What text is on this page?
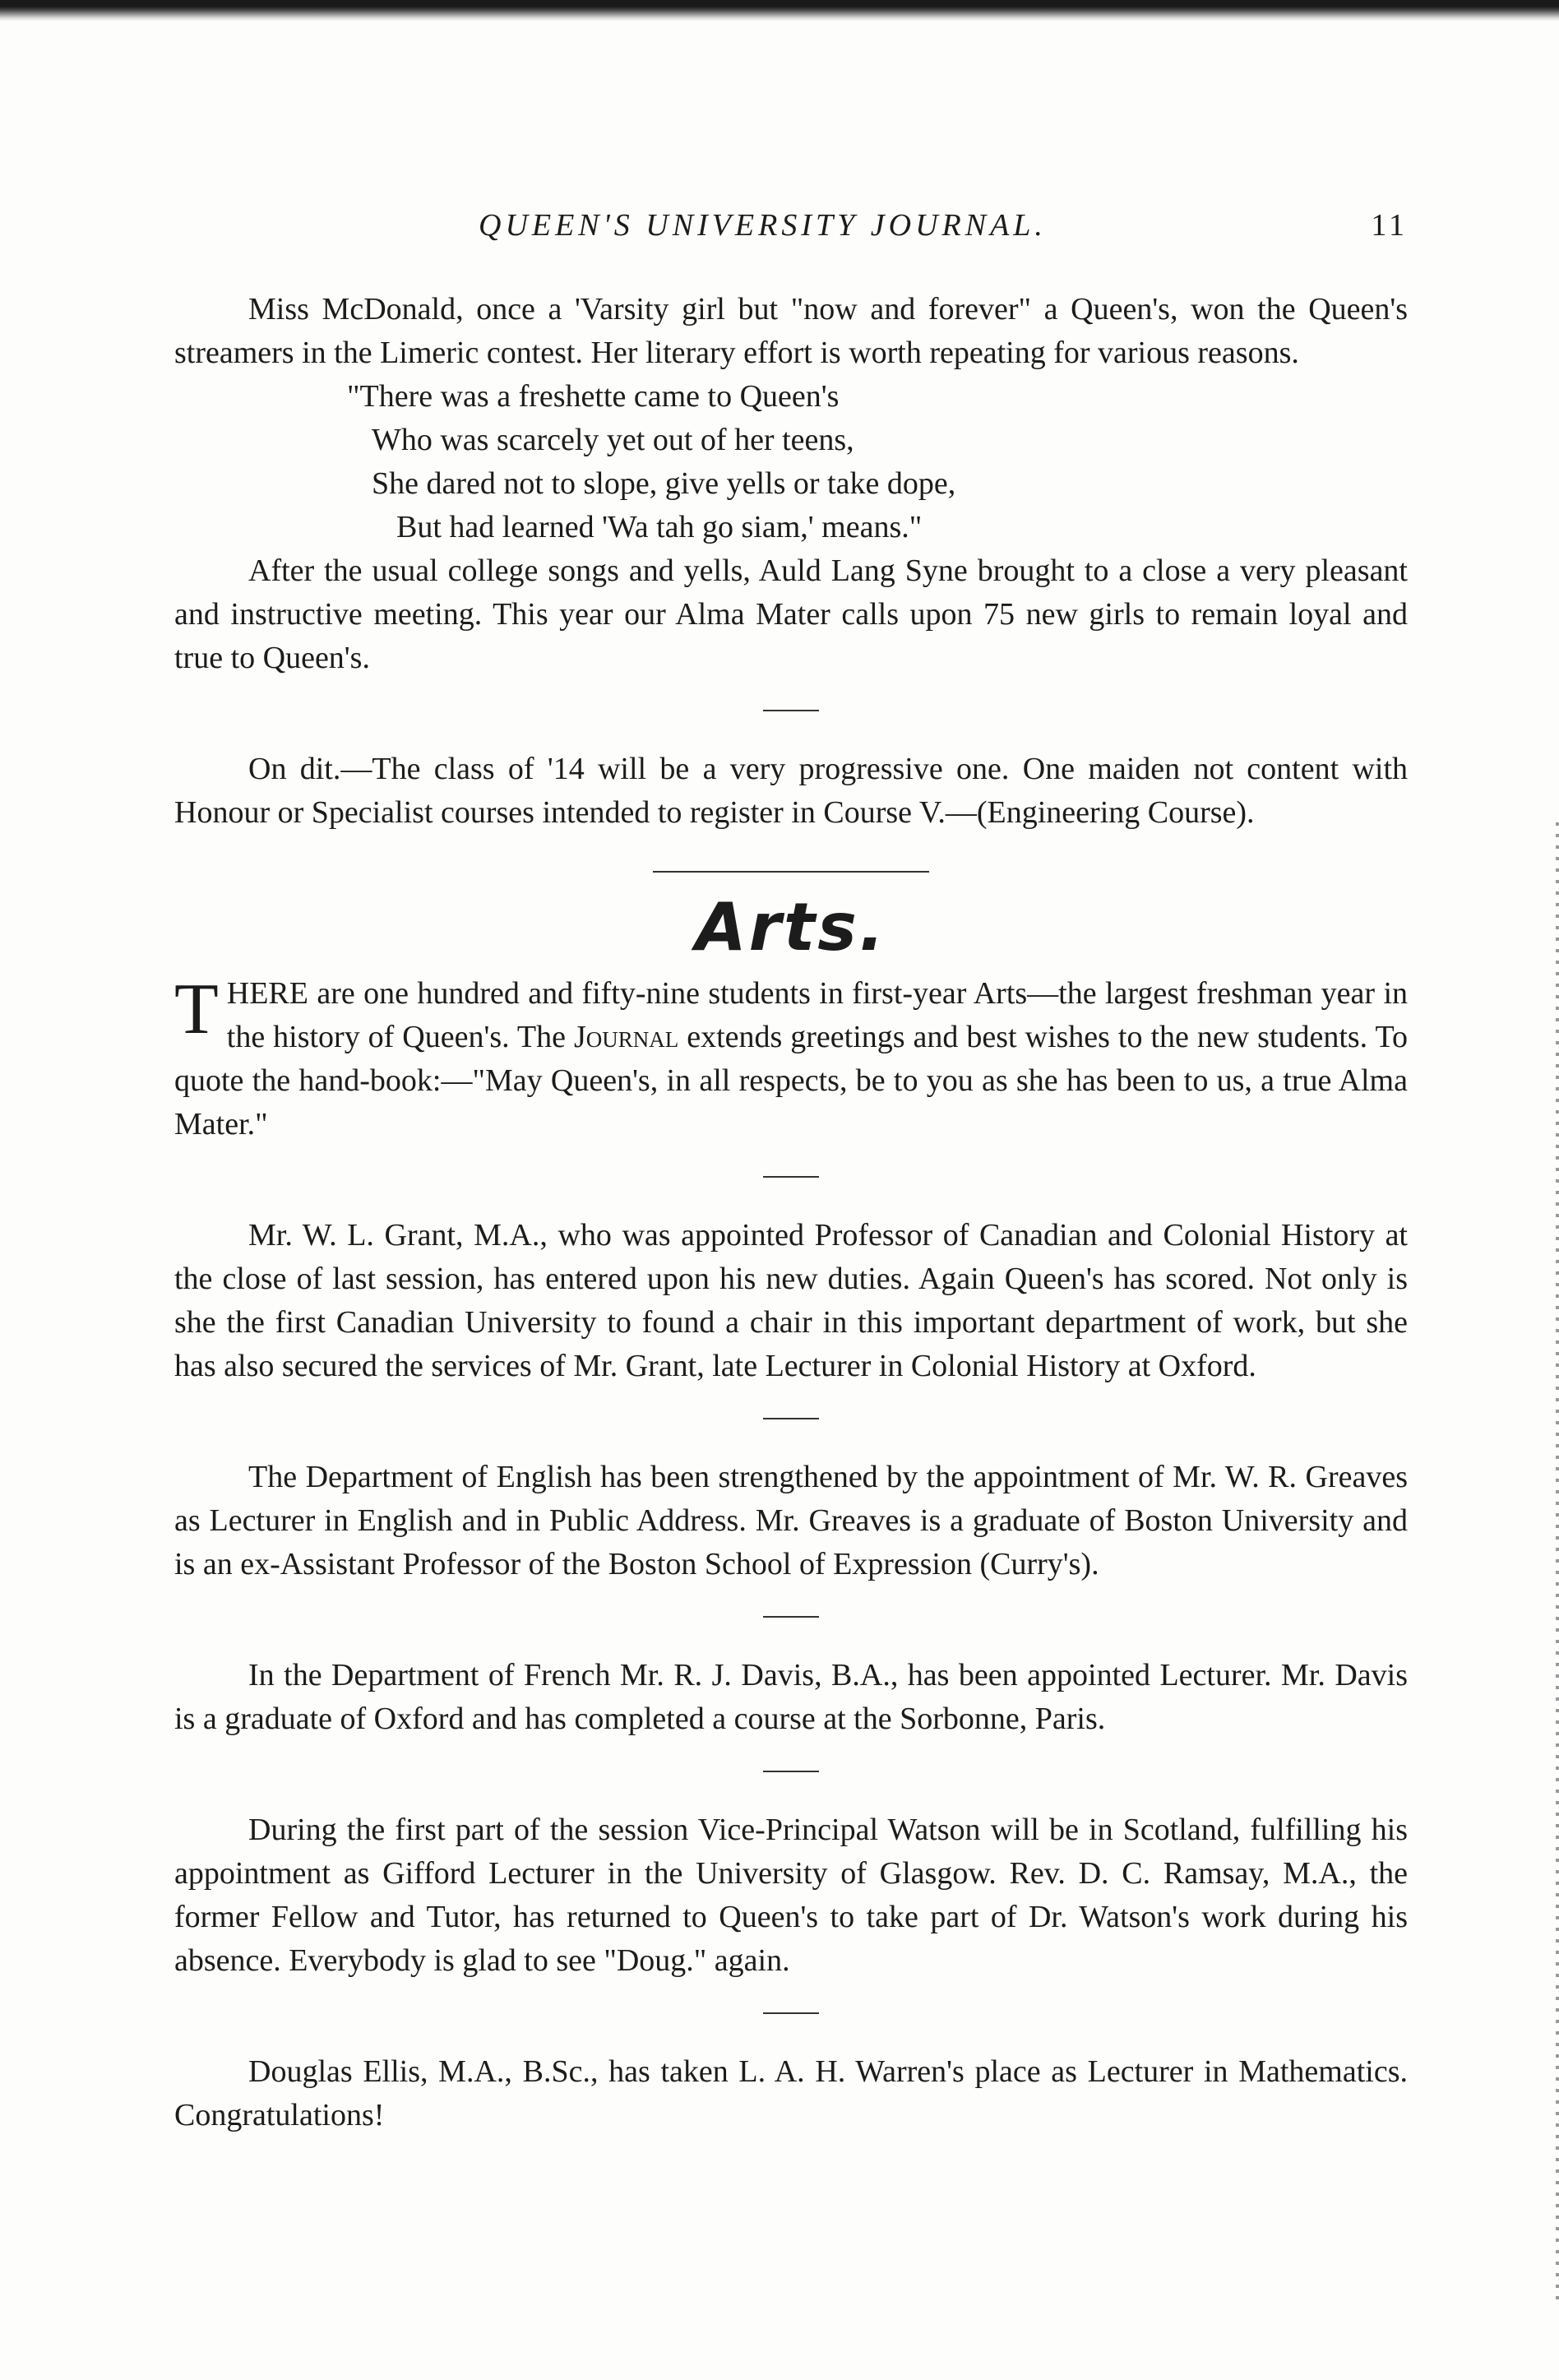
QUEEN'S UNIVERSITY JOURNAL.	11

Miss McDonald, once a 'Varsity girl but "now and forever" a Queen's, won the Queen's streamers in the Limeric contest. Her literary effort is worth repeating for various reasons.

"There was a freshette came to Queen's
Who was scarcely yet out of her teens,
She dared not to slope, give yells or take dope,
But had learned 'Wa tah go siam,' means."

After the usual college songs and yells, Auld Lang Syne brought to a close a very pleasant and instructive meeting. This year our Alma Mater calls upon 75 new girls to remain loyal and true to Queen's.

On dit.—The class of '14 will be a very progressive one. One maiden not content with Honour or Specialist courses intended to register in Course V.—(Engineering Course).

Arts.

THERE are one hundred and fifty-nine students in first-year Arts—the largest freshman year in the history of Queen's. The Journal extends greetings and best wishes to the new students. To quote the hand-book:—"May Queen's, in all respects, be to you as she has been to us, a true Alma Mater."

Mr. W. L. Grant, M.A., who was appointed Professor of Canadian and Colonial History at the close of last session, has entered upon his new duties. Again Queen's has scored. Not only is she the first Canadian University to found a chair in this important department of work, but she has also secured the services of Mr. Grant, late Lecturer in Colonial History at Oxford.

The Department of English has been strengthened by the appointment of Mr. W. R. Greaves as Lecturer in English and in Public Address. Mr. Greaves is a graduate of Boston University and is an ex-Assistant Professor of the Boston School of Expression (Curry's).

In the Department of French Mr. R. J. Davis, B.A., has been appointed Lecturer. Mr. Davis is a graduate of Oxford and has completed a course at the Sorbonne, Paris.

During the first part of the session Vice-Principal Watson will be in Scotland, fulfilling his appointment as Gifford Lecturer in the University of Glasgow. Rev. D. C. Ramsay, M.A., the former Fellow and Tutor, has returned to Queen's to take part of Dr. Watson's work during his absence. Everybody is glad to see "Doug." again.

Douglas Ellis, M.A., B.Sc., has taken L. A. H. Warren's place as Lecturer in Mathematics. Congratulations!
